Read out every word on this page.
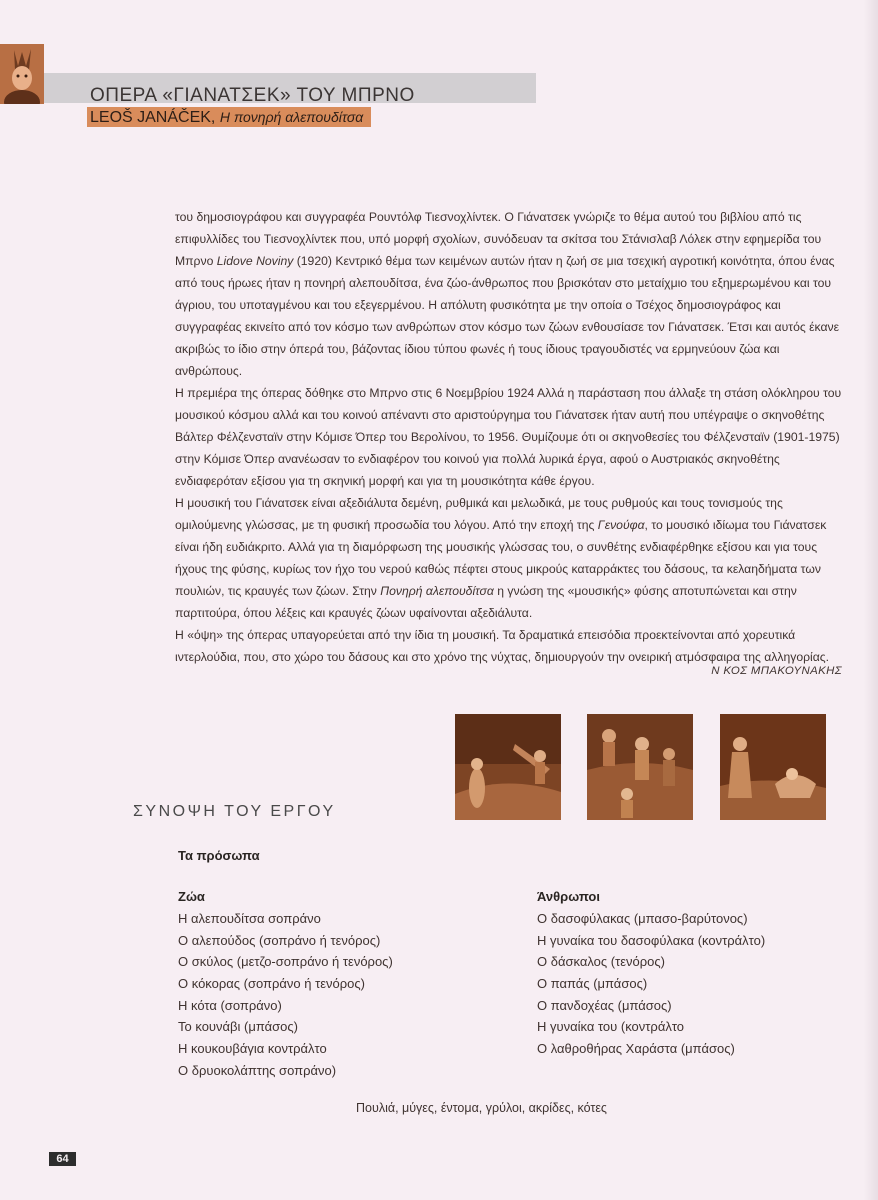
ΟΠΕΡΑ «ΓΙΑΝΑΤΣΕΚ» ΤΟΥ ΜΠΡΝΟ
LEOŠ JANÁČEK, Η πονηρή αλεπουδίτσα

του δημοσιογράφου και συγγραφέα Ρουντόλφ Τιεσνοχλίντεκ. Ο Γιάνατσεκ γνώριζε το θέμα αυτού του βιβλίου από τις επιφυλλίδες του Τιεσνοχλίντεκ που, υπό μορφή σχολίων, συνόδευαν τα σκίτσα του Στάνισλαβ Λόλεκ στην εφημερίδα του Μπρνο Lidove Noviny (1920) Κεντρικό θέμα των κειμένων αυτών ήταν η ζωή σε μια τσεχική αγροτική κοινότητα, όπου ένας από τους ήρωες ήταν η πονηρή αλεπουδίτσα, ένα ζώο-άνθρωπος που βρισκόταν στο μεταίχμιο του εξημερωμένου και του άγριου, του υποταγμένου και του εξεγερμένου. Η απόλυτη φυσικότητα με την οποία ο Τσέχος δημοσιογράφος και συγγραφέας εκινείτο από τον κόσμο των ανθρώπων στον κόσμο των ζώων ενθουσίασε τον Γιάνατσεκ. Έτσι και αυτός έκανε ακριβώς το ίδιο στην όπερά του, βάζοντας ίδιου τύπου φωνές ή τους ίδιους τραγουδιστές να ερμηνεύουν ζώα και ανθρώπους.

Η πρεμιέρα της όπερας δόθηκε στο Μπρνο στις 6 Νοεμβρίου 1924 Αλλά η παράσταση που άλλαξε τη στάση ολόκληρου του μουσικού κόσμου αλλά και του κοινού απέναντι στο αριστούργημα του Γιάνατσεκ ήταν αυτή που υπέγραψε ο σκηνοθέτης Βάλτερ Φέλζενσταϊν στην Κόμισε Όπερ του Βερολίνου, το 1956. Θυμίζουμε ότι οι σκηνοθεσίες του Φέλζενσταϊν (1901-1975) στην Κόμισε Όπερ ανανέωσαν το ενδιαφέρον του κοινού για πολλά λυρικά έργα, αφού ο Αυστριακός σκηνοθέτης ενδιαφερόταν εξίσου για τη σκηνική μορφή και για τη μουσικότητα κάθε έργου.

Η μουσική του Γιάνατσεκ είναι αξεδιάλυτα δεμένη, ρυθμικά και μελωδικά, με τους ρυθμούς και τους τονισμούς της ομιλούμενης γλώσσας, με τη φυσική προσωδία του λόγου. Από την εποχή της Γενούφα, το μουσικό ιδίωμα του Γιάνατσεκ είναι ήδη ευδιάκριτο. Αλλά για τη διαμόρφωση της μουσικής γλώσσας του, ο συνθέτης ενδιαφέρθηκε εξίσου και για τους ήχους της φύσης, κυρίως τον ήχο του νερού καθώς πέφτει στους μικρούς καταρράκτες του δάσους, τα κελαηδήματα των πουλιών, τις κραυγές των ζώων. Στην Πονηρή αλεπουδίτσα η γνώση της «μουσικής» φύσης αποτυπώνεται και στην παρτιτούρα, όπου λέξεις και κραυγές ζώων υφαίνονται αξεδιάλυτα.

Η «όψη» της όπερας υπαγορεύεται από την ίδια τη μουσική. Τα δραματικά επεισόδια προεκτείνονται από χορευτικά ιντερλούδια, που, στο χώρο του δάσους και στο χρόνο της νύχτας, δημιουργούν την ονειρική ατμόσφαιρα της αλληγορίας.

Ν ΚΟΣ ΜΠΑΚΟΥΝΑΚΗΣ
ΣΥΝΟΨΗ ΤΟΥ ΕΡΓΟΥ
Τα πρόσωπα
Ζώα
Η αλεπουδίτσα σοπράνο
Ο αλεπούδος (σοπράνο ή τενόρος)
Ο σκύλος (μετζο-σοπράνο ή τενόρος)
Ο κόκορας (σοπράνο ή τενόρος)
Η κότα (σοπράνο)
Το κουνάβι (μπάσος)
Η κουκουβάγια κοντράλτο
Ο δρυοκολάπτης σοπράνο)
Άνθρωποι
Ο δασοφύλακας (μπασο-βαρύτονος)
Η γυναίκα του δασοφύλακα (κοντράλτο)
Ο δάσκαλος (τενόρος)
Ο παπάς (μπάσος)
Ο πανδοχέας (μπάσος)
Η γυναίκα του (κοντράλτο
Ο λαθροθήρας Χαράστα (μπάσος)
Πουλιά, μύγες, έντομα, γρύλοι, ακρίδες, κότες
64
